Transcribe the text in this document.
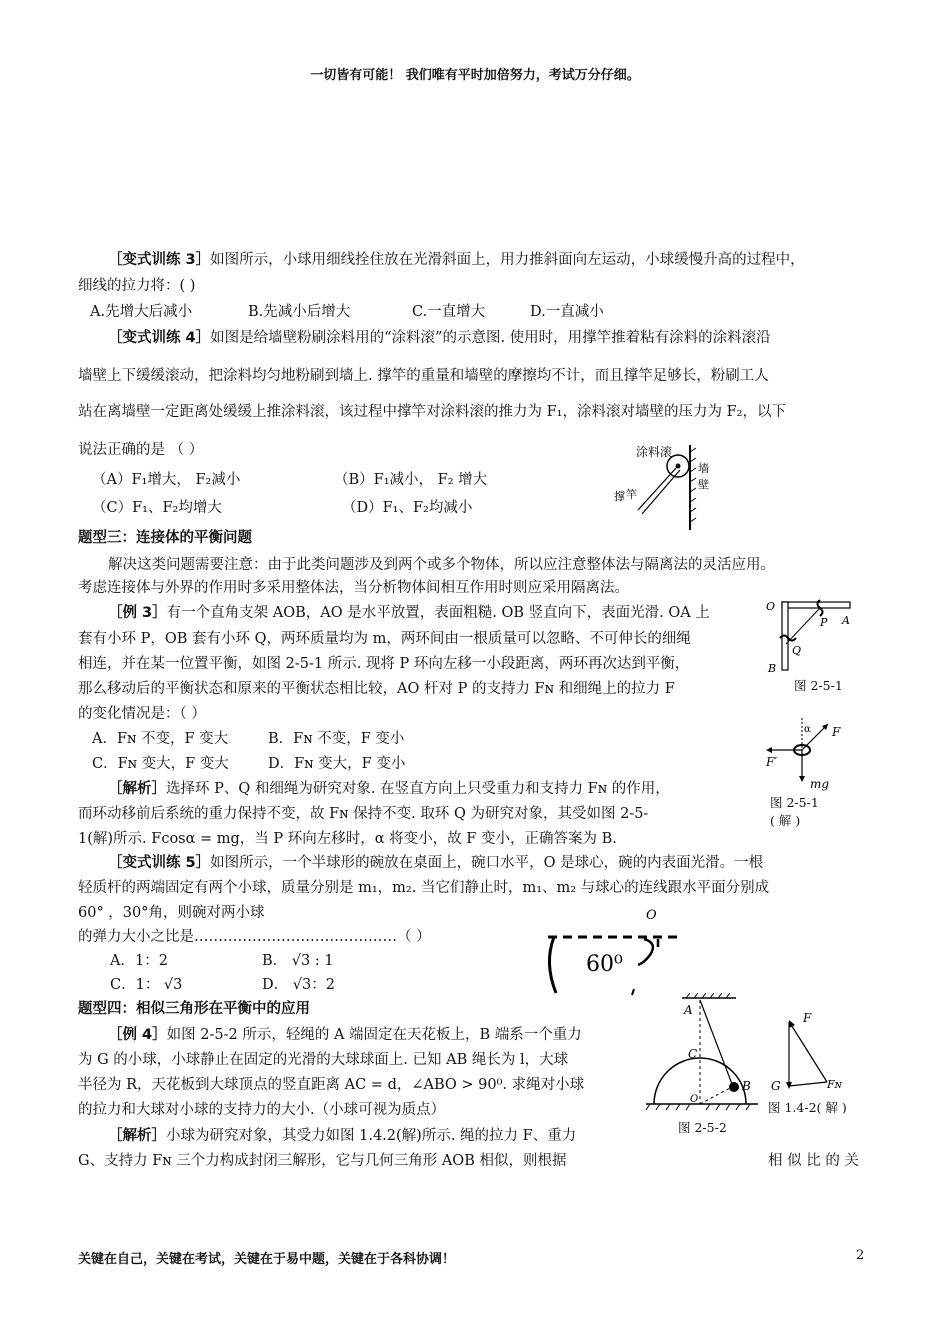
一切皆有可能！ 我们唯有平时加倍努力，考试万分仔细。
［变式训练 3］如图所示，小球用细线拴住放在光滑斜面上，用力推斜面向左运动，小球缓慢升高的过程中，
细线的拉力将：( )
A.先增大后减小	B.先减小后增大	C.一直增大	D.一直减小
［变式训练 4］如图是给墙壁粉刷涂料用的“涂料滚”的示意图. 使用时，用撑竿推着粘有涂料的涂料滚沿
墙壁上下缓缓滚动，把涂料均匀地粉刷到墙上. 撑竿的重量和墙壁的摩擦均不计，而且撑竿足够长，粉刷工人
站在离墙壁一定距离处缓缓上推涂料滚，该过程中撑竿对涂料滚的推力为 F₁，涂料滚对墙壁的压力为 F₂，以下
说法正确的是 （ ）
（A）F₁增大， F₂减小	（B）F₁减小， F₂ 增大
（C）F₁、F₂均增大	（D）F₁、F₂均减小
涂料滚
墙
壁
撑 竿
题型三：连接体的平衡问题
解决这类问题需要注意：由于此类问题涉及到两个或多个物体，所以应注意整体法与隔离法的灵活应用。
考虑连接体与外界的作用时多采用整体法，当分析物体间相互作用时则应采用隔离法。
［例 3］有一个直角支架 AOB，AO 是水平放置，表面粗糙. OB 竖直向下，表面光滑. OA 上
套有小环 P，OB 套有小环 Q，两环质量均为 m，两环间由一根质量可以忽略、不可伸长的细绳
相连，并在某一位置平衡，如图 2-5-1 所示. 现将 P 环向左移一小段距离，两环再次达到平衡，
那么移动后的平衡状态和原来的平衡状态相比较，AO 杆对 P 的支持力 Fɴ 和细绳上的拉力 F
的变化情况是：（ ）
A．Fɴ 不变，F 变大	B．Fɴ 不变，F 变小
C．Fɴ 变大，F 变大	D．Fɴ 变大，F 变小
O
P A
Q
B
图 2-5-1
α F
F′
mg
图 2-5-1
( 解 )
［解析］选择环 P、Q 和细绳为研究对象. 在竖直方向上只受重力和支持力 Fɴ 的作用，
而环动移前后系统的重力保持不变，故 Fɴ 保持不变. 取环 Q 为研究对象，其受如图 2-5-
1(解)所示. Fcosα = mg，当 P 环向左移时，α 将变小，故 F 变小，正确答案为 B.
［变式训练 5］如图所示，一个半球形的碗放在桌面上，碗口水平，O 是球心，碗的内表面光滑。一根
轻质杆的两端固定有两个小球，质量分别是 m₁，m₂. 当它们静止时，m₁、m₂ 与球心的连线跟水平面分别成
60° ，30°角，则碗对两小球
的弹力大小之比是……………………………………（ ）
A．1：2	B． √3 : 1
C．1： √3	D． √3：2
O
60⁰
题型四：相似三角形在平衡中的应用
［例 4］如图 2-5-2 所示，轻绳的 A 端固定在天花板上，B 端系一个重力
为 G 的小球，小球静止在固定的光滑的大球球面上. 已知 AB 绳长为 l，大球
半径为 R，天花板到大球顶点的竖直距离 AC = d，∠ABO > 90⁰. 求绳对小球
的拉力和大球对小球的支持力的大小.（小球可视为质点）
A
B
C
O
图 2-5-2
F
G	Fɴ
图 1.4-2( 解 )
［解析］小球为研究对象，其受力如图 1.4.2(解)所示. 绳的拉力 F、重力
G、支持力 Fɴ 三个力构成封闭三解形，它与几何三角形 AOB 相似，则根据	相 似 比 的 关
关键在自己，关键在考试，关键在于易中题，关键在于各科协调！	2
